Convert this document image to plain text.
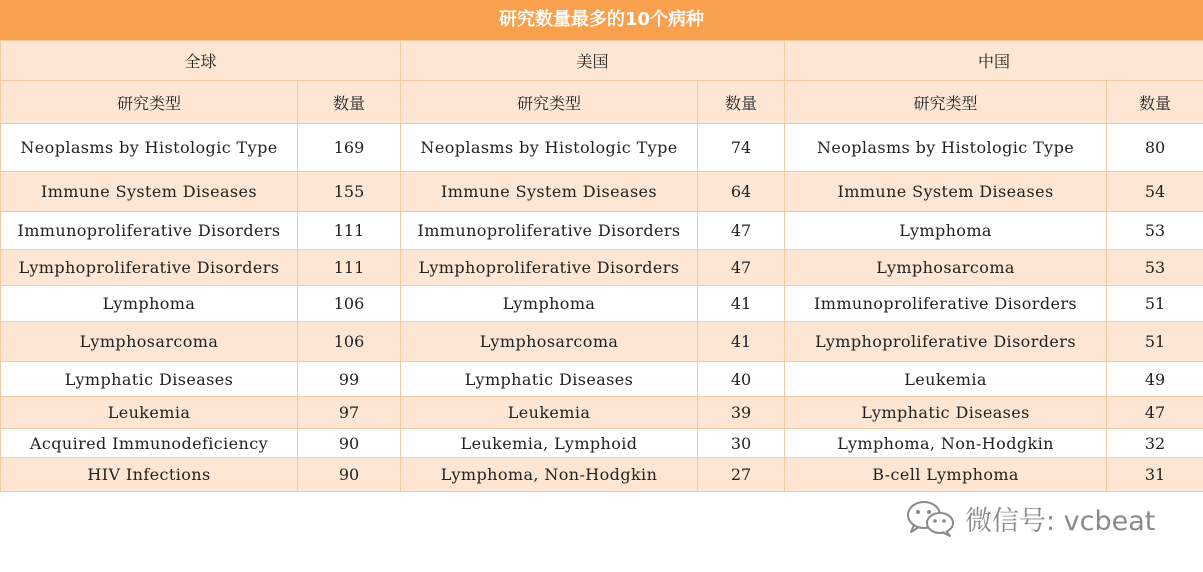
研究数量最多的10个病种
全球		美国		中国	
研究类型	数量	研究类型	数量	研究类型	数量
Neoplasms by Histologic Type	169	Neoplasms by Histologic Type	74	Neoplasms by Histologic Type	80
Immune System Diseases	155	Immune System Diseases	64	Immune System Diseases	54
Immunoproliferative Disorders	111	Immunoproliferative Disorders	47	Lymphoma	53
Lymphoproliferative Disorders	111	Lymphoproliferative Disorders	47	Lymphosarcoma	53
Lymphoma	106	Lymphoma	41	Immunoproliferative Disorders	51
Lymphosarcoma	106	Lymphosarcoma	41	Lymphoproliferative Disorders	51
Lymphatic Diseases	99	Lymphatic Diseases	40	Leukemia	49
Leukemia	97	Leukemia	39	Lymphatic Diseases	47
Acquired Immunodeficiency	90	Leukemia, Lymphoid	30	Lymphoma, Non-Hodgkin	32
HIV Infections	90	Lymphoma, Non-Hodgkin	27	B-cell Lymphoma	31
微信号: vcbeat
